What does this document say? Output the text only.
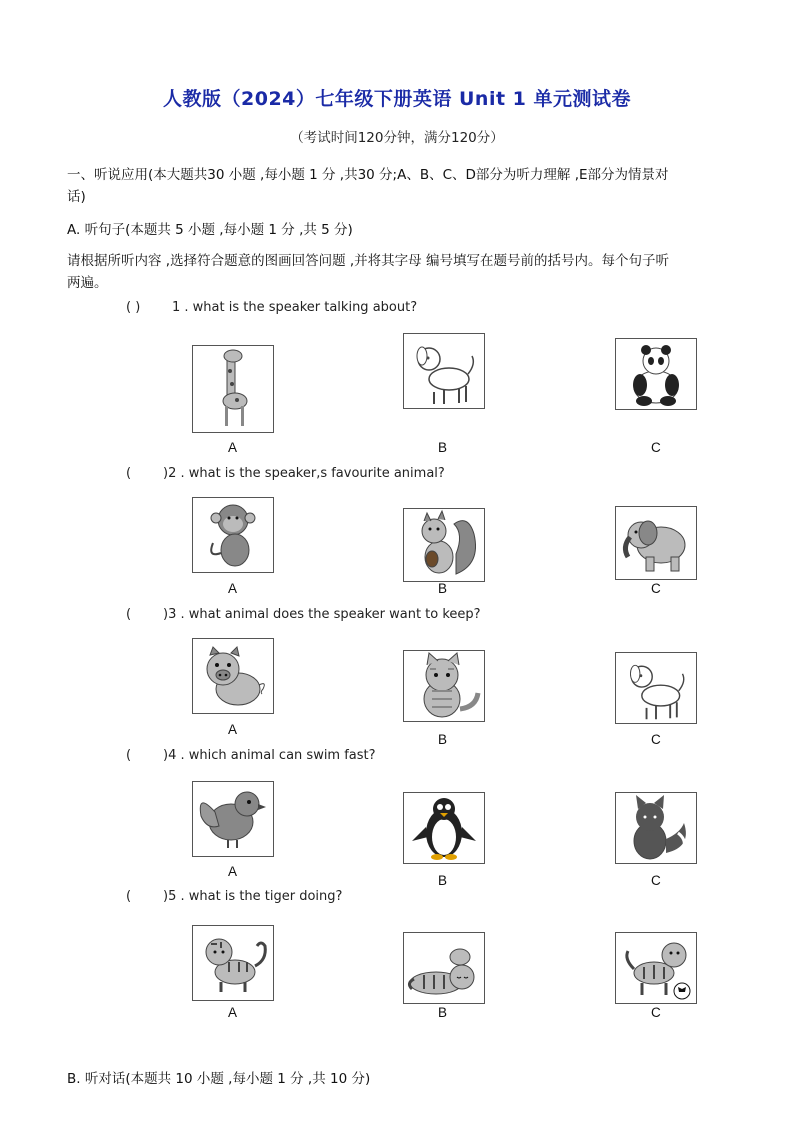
人教版（2024）七年级下册英语 Unit 1 单元测试卷
（考试时间120分钟，满分120分）
一、听说应用(本大题共30 小题 ,每小题 1 分 ,共30 分;A、B、C、D部分为听力理解 ,E部分为情景对话)
A. 听句子(本题共 5 小题 ,每小题 1 分 ,共 5 分)
请根据所听内容 ,选择符合题意的图画回答问题 ,并将其字母 编号填写在题号前的括号内。每个句子听两遍。
( ) 1 . what is the speaker talking about?
A	B	C
( )2 . what is the speaker,s favourite animal?
A	B	C
( )3 . what animal does the speaker want to keep?
A
B	C
( )4 . which animal can swim fast?
A
B	C
( )5 . what is the tiger doing?
A	B	C
B. 听对话(本题共 10 小题 ,每小题 1 分 ,共 10 分)
